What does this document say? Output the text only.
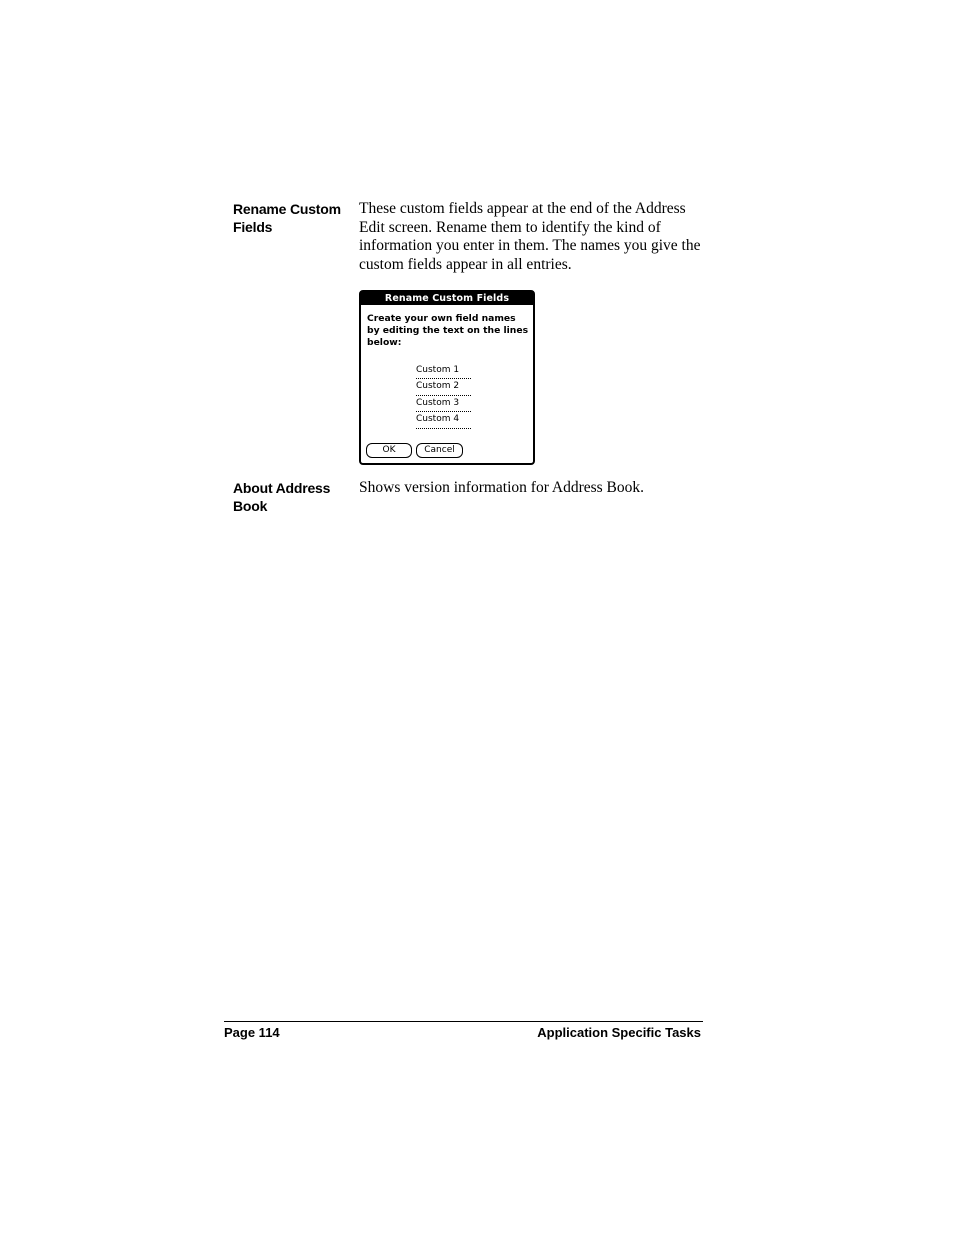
Rename Custom Fields
These custom fields appear at the end of the Address Edit screen. Rename them to identify the kind of information you enter in them. The names you give the custom fields appear in all entries.
Rename Custom Fields
Create your own field names by editing the text on the lines below:
Custom 1
Custom 2
Custom 3
Custom 4
OK	Cancel
About Address Book
Shows version information for Address Book.
Page 114	Application Specific Tasks
